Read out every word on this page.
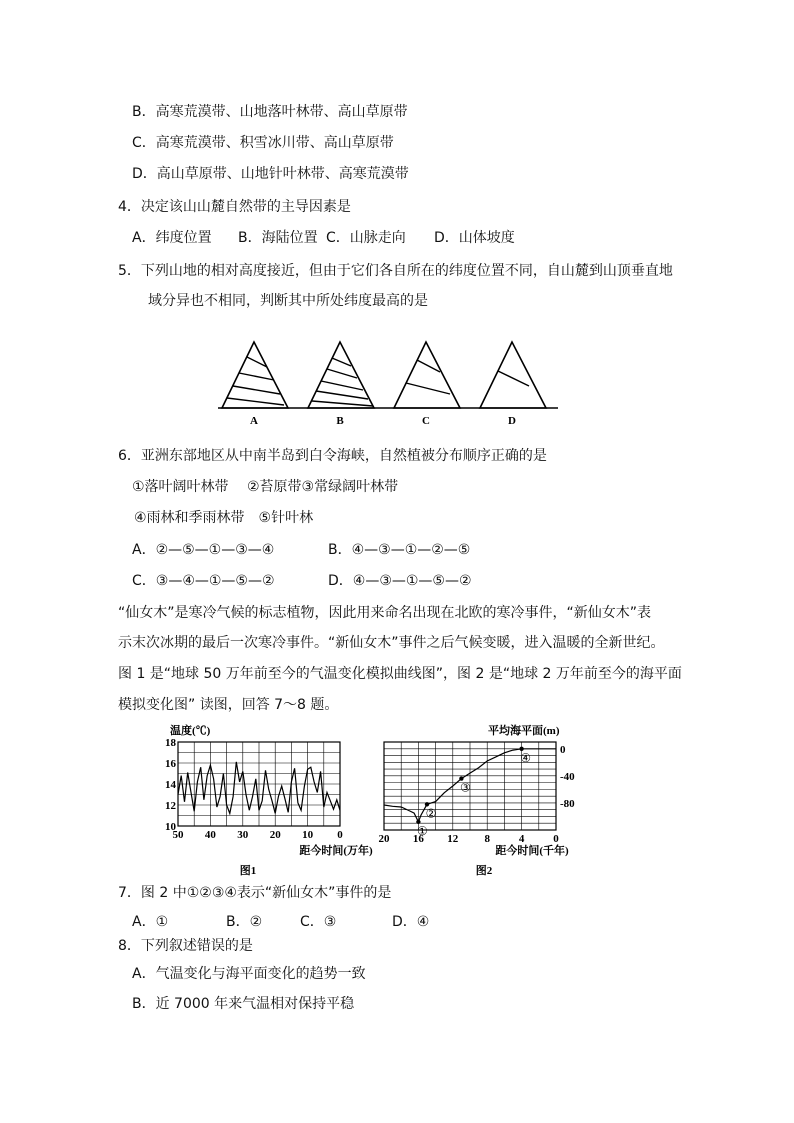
B．高寒荒漠带、山地落叶林带、高山草原带
C．高寒荒漠带、积雪冰川带、高山草原带
D．高山草原带、山地针叶林带、高寒荒漠带
4．决定该山山麓自然带的主导因素是
A．纬度位置 B．海陆位置 C．山脉走向 D．山体坡度
5．下列山地的相对高度接近，但由于它们各自所在的纬度位置不同，自山麓到山顶垂直地
域分异也不相同，判断其中所处纬度最高的是
A	B	C	D
6．亚洲东部地区从中南半岛到白令海峡，自然植被分布顺序正确的是
①落叶阔叶林带　 ②苔原带③常绿阔叶林带
④雨林和季雨林带　⑤针叶林
A．②—⑤—①—③—④	B．④—③—①—②—⑤
C．③—④—①—⑤—②	D．④—③—①—⑤—②
“仙女木”是寒冷气候的标志植物，因此用来命名出现在北欧的寒冷事件，“新仙女木”表
示末次冰期的最后一次寒冷事件。“新仙女木”事件之后气候变暖，进入温暖的全新世纪。
图 1 是“地球 50 万年前至今的气温变化模拟曲线图”，图 2 是“地球 2 万年前至今的海平面
模拟变化图” 读图，回答 7～8 题。
温度(℃)
18
16
14
12
10
50 40 30 20 10 0
距今时间(万年)
图1
平均海平面(m)
0
-40
-80
20 16 12 8	4	0
①
②
③
④
距今时间(千年)
图2
7．图 2 中①②③④表示“新仙女木”事件的是
A．①	B．②	C．③	D．④
8．下列叙述错误的是
A．气温变化与海平面变化的趋势一致
B．近 7000 年来气温相对保持平稳
